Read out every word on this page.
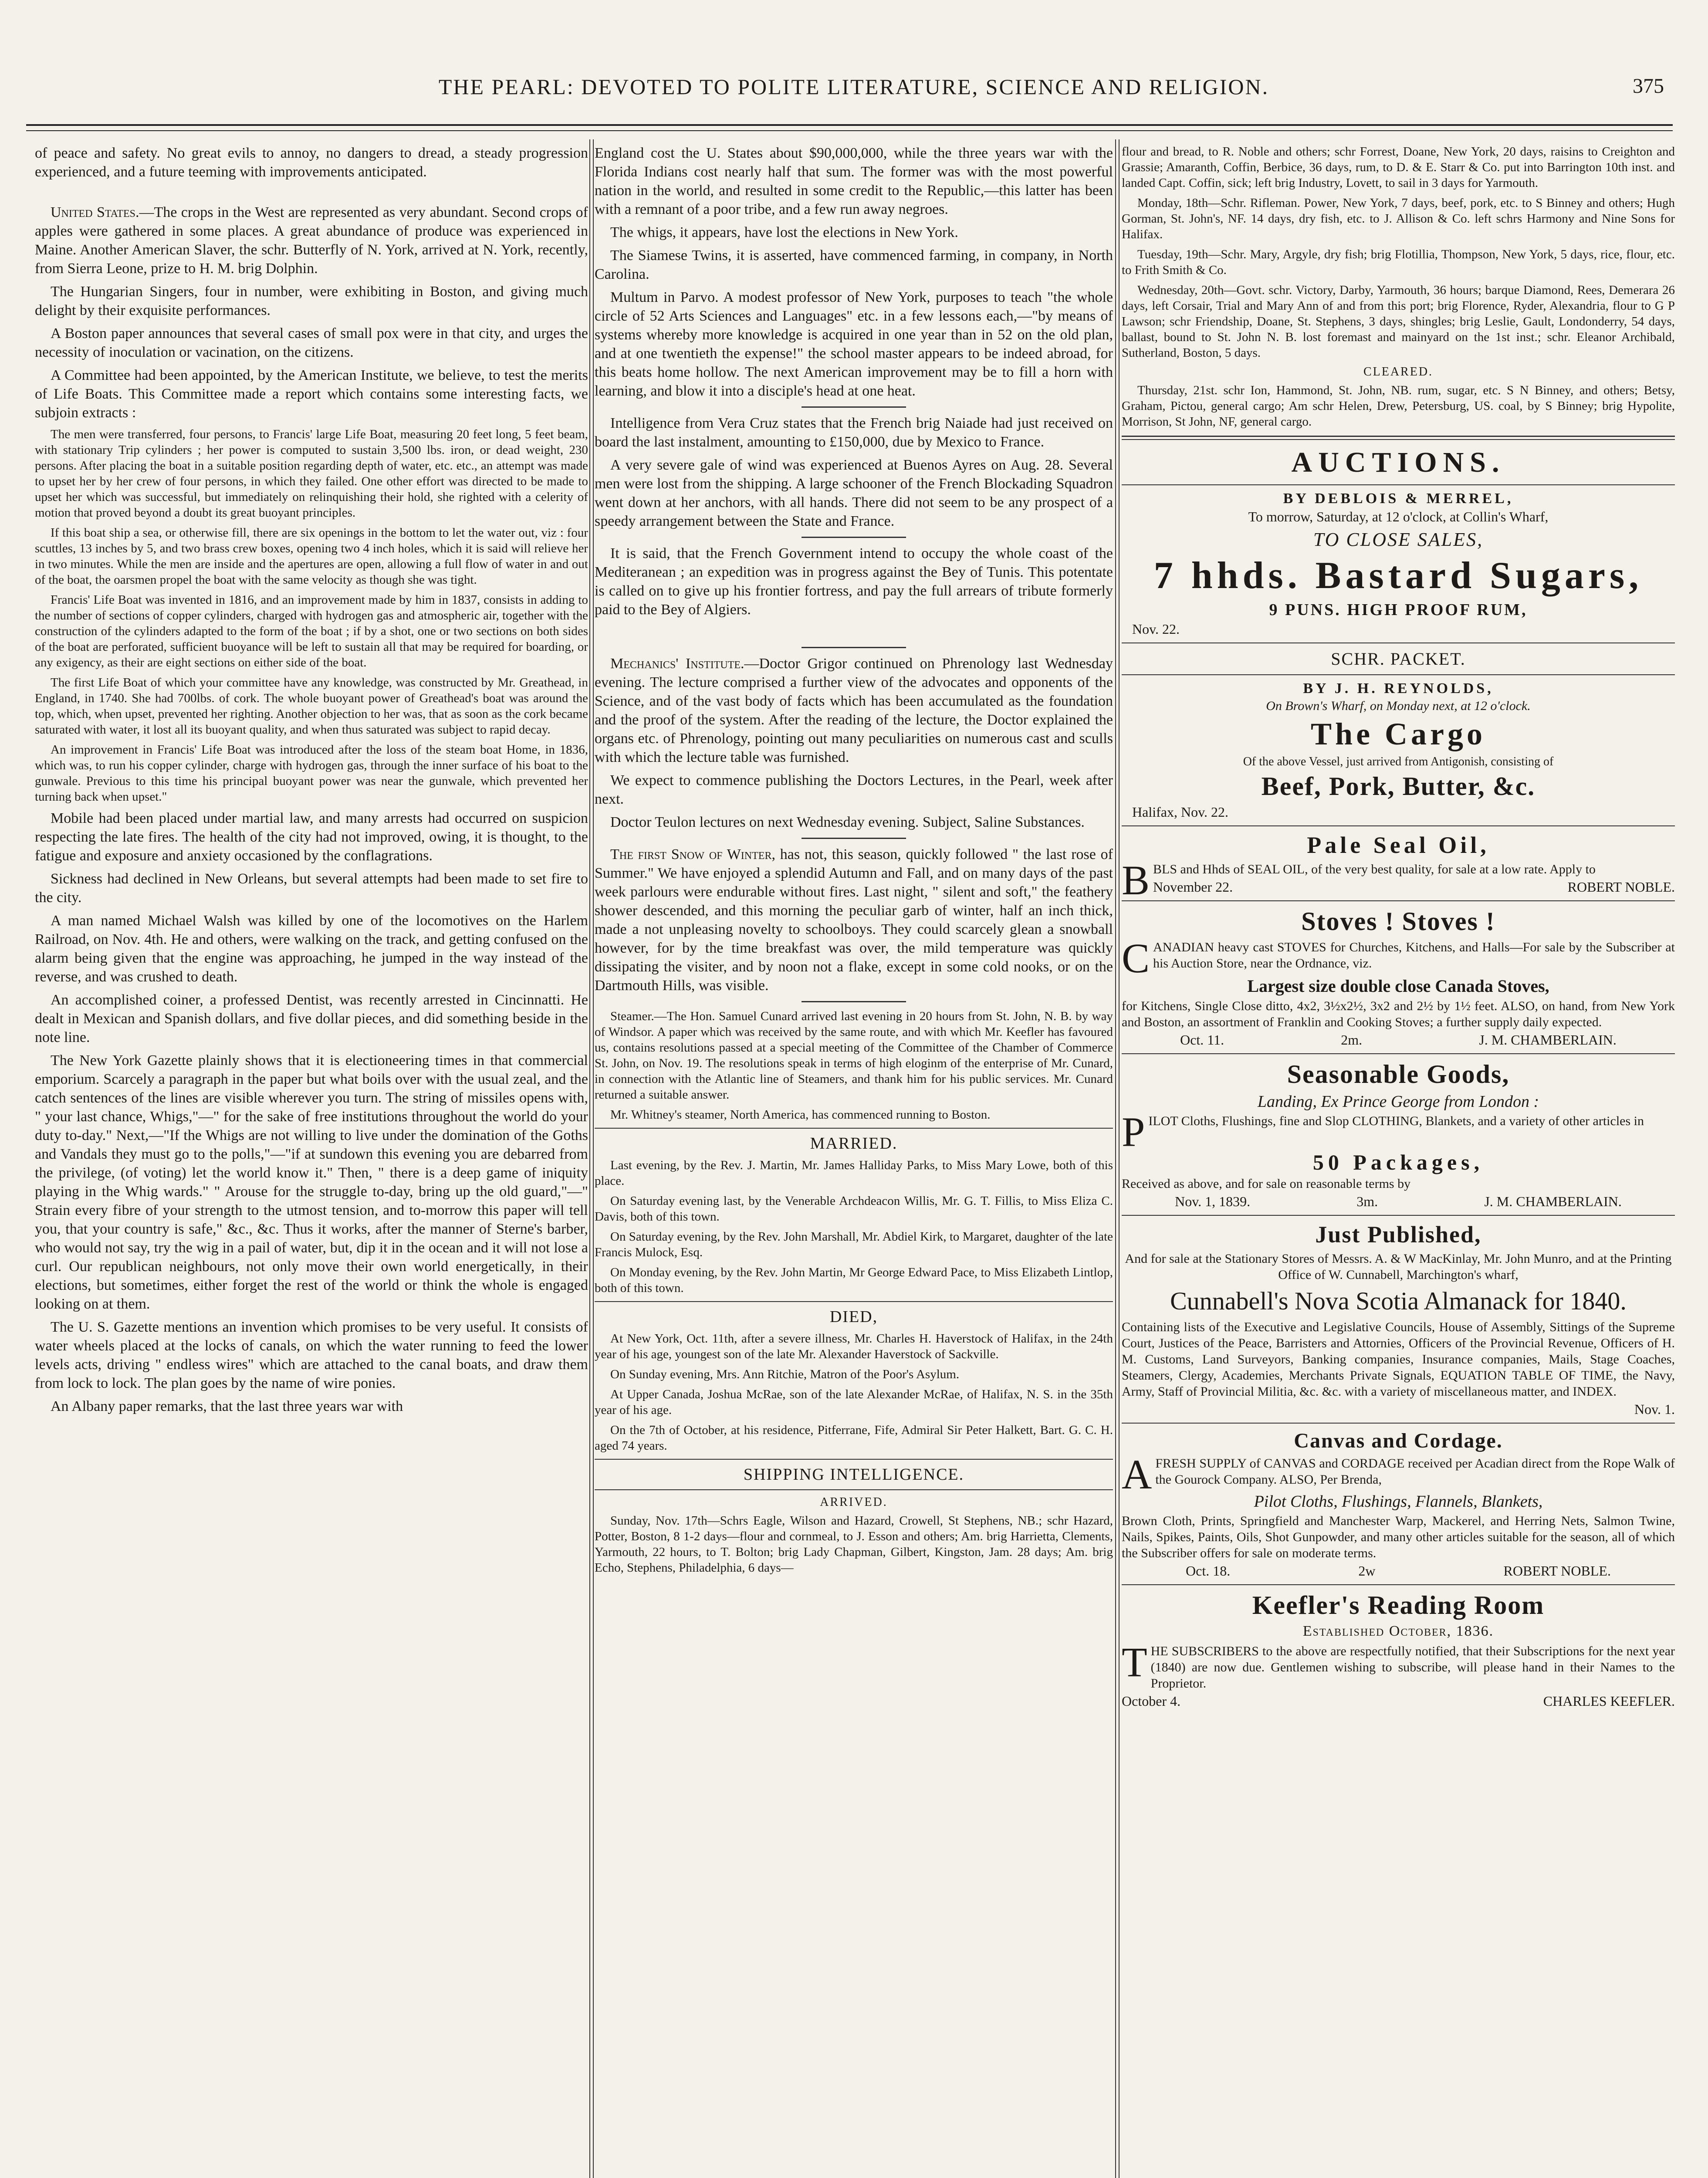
THE PEARL: DEVOTED TO POLITE LITERATURE, SCIENCE AND RELIGION.	375

of peace and safety. No great evils to annoy, no dangers to dread, a steady progression experienced, and a future teeming with improvements anticipated.

United States.—The crops in the West are represented as very abundant. Second crops of apples were gathered in some places. A great abundance of produce was experienced in Maine. Another American Slaver, the schr. Butterfly of N. York, arrived at N. York, recently, from Sierra Leone, prize to H. M. brig Dolphin.

The Hungarian Singers, four in number, were exhibiting in Boston, and giving much delight by their exquisite performances.

A Boston paper announces that several cases of small pox were in that city, and urges the necessity of inoculation or vacination, on the citizens.

A Committee had been appointed, by the American Institute, we believe, to test the merits of Life Boats. This Committee made a report which contains some interesting facts, we subjoin extracts :

The men were transferred, four persons, to Francis' large Life Boat, measuring 20 feet long, 5 feet beam, with stationary Trip cylinders ; her power is computed to sustain 3,500 lbs. iron, or dead weight, 230 persons. After placing the boat in a suitable position regarding depth of water, etc. etc., an attempt was made to upset her by her crew of four persons, in which they failed. One other effort was directed to be made to upset her which was successful, but immediately on relinquishing their hold, she righted with a celerity of motion that proved beyond a doubt its great buoyant principles.

If this boat ship a sea, or otherwise fill, there are six openings in the bottom to let the water out, viz : four scuttles, 13 inches by 5, and two brass crew boxes, opening two 4 inch holes, which it is said will relieve her in two minutes. While the men are inside and the apertures are open, allowing a full flow of water in and out of the boat, the oarsmen propel the boat with the same velocity as though she was tight.

Francis' Life Boat was invented in 1816, and an improvement made by him in 1837, consists in adding to the number of sections of copper cylinders, charged with hydrogen gas and atmospheric air, together with the construction of the cylinders adapted to the form of the boat ; if by a shot, one or two sections on both sides of the boat are perforated, sufficient buoyance will be left to sustain all that may be required for boarding, or any exigency, as their are eight sections on either side of the boat.

The first Life Boat of which your committee have any knowledge, was constructed by Mr. Greathead, in England, in 1740. She had 700lbs. of cork. The whole buoyant power of Greathead's boat was around the top, which, when upset, prevented her righting. Another objection to her was, that as soon as the cork became saturated with water, it lost all its buoyant quality, and when thus saturated was subject to rapid decay.

An improvement in Francis' Life Boat was introduced after the loss of the steam boat Home, in 1836, which was, to run his copper cylinder, charge with hydrogen gas, through the inner surface of his boat to the gunwale. Previous to this time his principal buoyant power was near the gunwale, which prevented her turning back when upset."

Mobile had been placed under martial law, and many arrests had occurred on suspicion respecting the late fires. The health of the city had not improved, owing, it is thought, to the fatigue and exposure and anxiety occasioned by the conflagrations.

Sickness had declined in New Orleans, but several attempts had been made to set fire to the city.

A man named Michael Walsh was killed by one of the locomotives on the Harlem Railroad, on Nov. 4th. He and others, were walking on the track, and getting confused on the alarm being given that the engine was approaching, he jumped in the way instead of the reverse, and was crushed to death.

An accomplished coiner, a professed Dentist, was recently arrested in Cincinnatti. He dealt in Mexican and Spanish dollars, and five dollar pieces, and did something beside in the note line.

The New York Gazette plainly shows that it is electioneering times in that commercial emporium. Scarcely a paragraph in the paper but what boils over with the usual zeal, and the catch sentences of the lines are visible wherever you turn. The string of missiles opens with, " your last chance, Whigs,"—" for the sake of free institutions throughout the world do your duty to-day." Next,—"If the Whigs are not willing to live under the domination of the Goths and Vandals they must go to the polls,"—"if at sundown this evening you are debarred from the privilege, (of voting) let the world know it." Then, " there is a deep game of iniquity playing in the Whig wards." " Arouse for the struggle to-day, bring up the old guard,"—" Strain every fibre of your strength to the utmost tension, and to-morrow this paper will tell you, that your country is safe," &c., &c. Thus it works, after the manner of Sterne's barber, who would not say, try the wig in a pail of water, but, dip it in the ocean and it will not lose a curl. Our republican neighbours, not only move their own world energetically, in their elections, but sometimes, either forget the rest of the world or think the whole is engaged looking on at them.

The U. S. Gazette mentions an invention which promises to be very useful. It consists of water wheels placed at the locks of canals, on which the water running to feed the lower levels acts, driving " endless wires" which are attached to the canal boats, and draw them from lock to lock. The plan goes by the name of wire ponies.

An Albany paper remarks, that the last three years war with

England cost the U. States about $90,000,000, while the three years war with the Florida Indians cost nearly half that sum. The former was with the most powerful nation in the world, and resulted in some credit to the Republic,—this latter has been with a remnant of a poor tribe, and a few run away negroes.

The whigs, it appears, have lost the elections in New York.

The Siamese Twins, it is asserted, have commenced farming, in company, in North Carolina.

Multum in Parvo. A modest professor of New York, purposes to teach "the whole circle of 52 Arts Sciences and Languages" etc. in a few lessons each,—"by means of systems whereby more knowledge is acquired in one year than in 52 on the old plan, and at one twentieth the expense!" the school master appears to be indeed abroad, for this beats home hollow. The next American improvement may be to fill a horn with learning, and blow it into a disciple's head at one heat.

Intelligence from Vera Cruz states that the French brig Naiade had just received on board the last instalment, amounting to £150,000, due by Mexico to France.

A very severe gale of wind was experienced at Buenos Ayres on Aug. 28. Several men were lost from the shipping. A large schooner of the French Blockading Squadron went down at her anchors, with all hands. There did not seem to be any prospect of a speedy arrangement between the State and France.

It is said, that the French Government intend to occupy the whole coast of the Mediteranean ; an expedition was in progress against the Bey of Tunis. This potentate is called on to give up his frontier fortress, and pay the full arrears of tribute formerly paid to the Bey of Algiers.

Mechanics' Institute.—Doctor Grigor continued on Phrenology last Wednesday evening. The lecture comprised a further view of the advocates and opponents of the Science, and of the vast body of facts which has been accumulated as the foundation and the proof of the system. After the reading of the lecture, the Doctor explained the organs etc. of Phrenology, pointing out many peculiarities on numerous cast and sculls with which the lecture table was furnished.

We expect to commence publishing the Doctors Lectures, in the Pearl, week after next.

Doctor Teulon lectures on next Wednesday evening. Subject, Saline Substances.

The first Snow of Winter, has not, this season, quickly followed " the last rose of Summer." We have enjoyed a splendid Autumn and Fall, and on many days of the past week parlours were endurable without fires. Last night, " silent and soft," the feathery shower descended, and this morning the peculiar garb of winter, half an inch thick, made a not unpleasing novelty to schoolboys. They could scarcely glean a snowball however, for by the time breakfast was over, the mild temperature was quickly dissipating the visiter, and by noon not a flake, except in some cold nooks, or on the Dartmouth Hills, was visible.

Steamer.—The Hon. Samuel Cunard arrived last evening in 20 hours from St. John, N. B. by way of Windsor. A paper which was received by the same route, and with which Mr. Keefler has favoured us, contains resolutions passed at a special meeting of the Committee of the Chamber of Commerce St. John, on Nov. 19. The resolutions speak in terms of high eloginm of the enterprise of Mr. Cunard, in connection with the Atlantic line of Steamers, and thank him for his public services. Mr. Cunard returned a suitable answer.

Mr. Whitney's steamer, North America, has commenced running to Boston.

MARRIED.

Last evening, by the Rev. J. Martin, Mr. James Halliday Parks, to Miss Mary Lowe, both of this place.

On Saturday evening last, by the Venerable Archdeacon Willis, Mr. G. T. Fillis, to Miss Eliza C. Davis, both of this town.

On Saturday evening, by the Rev. John Marshall, Mr. Abdiel Kirk, to Margaret, daughter of the late Francis Mulock, Esq.

On Monday evening, by the Rev. John Martin, Mr George Edward Pace, to Miss Elizabeth Lintlop, both of this town.

DIED,

At New York, Oct. 11th, after a severe illness, Mr. Charles H. Haverstock of Halifax, in the 24th year of his age, youngest son of the late Mr. Alexander Haverstock of Sackville.

On Sunday evening, Mrs. Ann Ritchie, Matron of the Poor's Asylum.

At Upper Canada, Joshua McRae, son of the late Alexander McRae, of Halifax, N. S. in the 35th year of his age.

On the 7th of October, at his residence, Pitferrane, Fife, Admiral Sir Peter Halkett, Bart. G. C. H. aged 74 years.

SHIPPING INTELLIGENCE.
ARRIVED.

Sunday, Nov. 17th—Schrs Eagle, Wilson and Hazard, Crowell, St Stephens, NB.; schr Hazard, Potter, Boston, 8 1-2 days—flour and cornmeal, to J. Esson and others; Am. brig Harrietta, Clements, Yarmouth, 22 hours, to T. Bolton; brig Lady Chapman, Gilbert, Kingston, Jam. 28 days; Am. brig Echo, Stephens, Philadelphia, 6 days—

flour and bread, to R. Noble and others; schr Forrest, Doane, New York, 20 days, raisins to Creighton and Grassie; Amaranth, Coffin, Berbice, 36 days, rum, to D. & E. Starr & Co. put into Barrington 10th inst. and landed Capt. Coffin, sick; left brig Industry, Lovett, to sail in 3 days for Yarmouth.

Monday, 18th—Schr. Rifleman. Power, New York, 7 days, beef, pork, etc. to S Binney and others; Hugh Gorman, St. John's, NF. 14 days, dry fish, etc. to J. Allison & Co. left schrs Harmony and Nine Sons for Halifax.

Tuesday, 19th—Schr. Mary, Argyle, dry fish; brig Flotillia, Thompson, New York, 5 days, rice, flour, etc. to Frith Smith & Co.

Wednesday, 20th—Govt. schr. Victory, Darby, Yarmouth, 36 hours; barque Diamond, Rees, Demerara 26 days, left Corsair, Trial and Mary Ann of and from this port; brig Florence, Ryder, Alexandria, flour to G P Lawson; schr Friendship, Doane, St. Stephens, 3 days, shingles; brig Leslie, Gault, Londonderry, 54 days, ballast, bound to St. John N. B. lost foremast and mainyard on the 1st inst.; schr. Eleanor Archibald, Sutherland, Boston, 5 days.

CLEARED.

Thursday, 21st. schr Ion, Hammond, St. John, NB. rum, sugar, etc. S N Binney, and others; Betsy, Graham, Pictou, general cargo; Am schr Helen, Drew, Petersburg, US. coal, by S Binney; brig Hypolite, Morrison, St John, NF, general cargo.

AUCTIONS.
BY DEBLOIS & MERREL,
To morrow, Saturday, at 12 o'clock, at Collin's Wharf,
TO CLOSE SALES,
7 hhds. Bastard Sugars,
9 PUNS. HIGH PROOF RUM,
Nov. 22.
SCHR. PACKET.
BY J. H. REYNOLDS,
On Brown's Wharf, on Monday next, at 12 o'clock.
The Cargo
Of the above Vessel, just arrived from Antigonish, consisting of
Beef, Pork, Butter, &c.
Halifax, Nov. 22.
Pale Seal Oil,
BBLS and Hhds of SEAL OIL, of the very best quality, for sale at a low rate. Apply to
November 22.	ROBERT NOBLE.
Stoves ! Stoves !
CANADIAN heavy cast STOVES for Churches, Kitchens, and Halls—For sale by the Subscriber at his Auction Store, near the Ordnance, viz.
Largest size double close Canada Stoves,
for Kitchens, Single Close ditto, 4x2, 3½x2½, 3x2 and 2½ by 1½ feet. ALSO, on hand, from New York and Boston, an assortment of Franklin and Cooking Stoves; a further supply daily expected.
Oct. 11.	2m.	J. M. CHAMBERLAIN.
Seasonable Goods,
Landing, Ex Prince George from London :
PILOT Cloths, Flushings, fine and Slop CLOTHING, Blankets, and a variety of other articles in
50 Packages,
Received as above, and for sale on reasonable terms by
Nov. 1, 1839.	3m.	J. M. CHAMBERLAIN.
Just Published,
And for sale at the Stationary Stores of Messrs. A. & W MacKinlay, Mr. John Munro, and at the Printing Office of W. Cunnabell, Marchington's wharf,
Cunnabell's Nova Scotia Almanack for 1840.
Containing lists of the Executive and Legislative Councils, House of Assembly, Sittings of the Supreme Court, Justices of the Peace, Barristers and Attornies, Officers of the Provincial Revenue, Officers of H. M. Customs, Land Surveyors, Banking companies, Insurance companies, Mails, Stage Coaches, Steamers, Clergy, Academies, Merchants Private Signals, EQUATION TABLE OF TIME, the Navy, Army, Staff of Provincial Militia, &c. &c. with a variety of miscellaneous matter, and INDEX.
Nov. 1.
Canvas and Cordage.
AFRESH SUPPLY of CANVAS and CORDAGE received per Acadian direct from the Rope Walk of the Gourock Company. ALSO, Per Brenda,
Pilot Cloths, Flushings, Flannels, Blankets,
Brown Cloth, Prints, Springfield and Manchester Warp, Mackerel, and Herring Nets, Salmon Twine, Nails, Spikes, Paints, Oils, Shot Gunpowder, and many other articles suitable for the season, all of which the Subscriber offers for sale on moderate terms.
Oct. 18.	2w	ROBERT NOBLE.
Keefler's Reading Room
Established October, 1836.
THE SUBSCRIBERS to the above are respectfully notified, that their Subscriptions for the next year (1840) are now due. Gentlemen wishing to subscribe, will please hand in their Names to the Proprietor.
October 4.	CHARLES KEEFLER.
